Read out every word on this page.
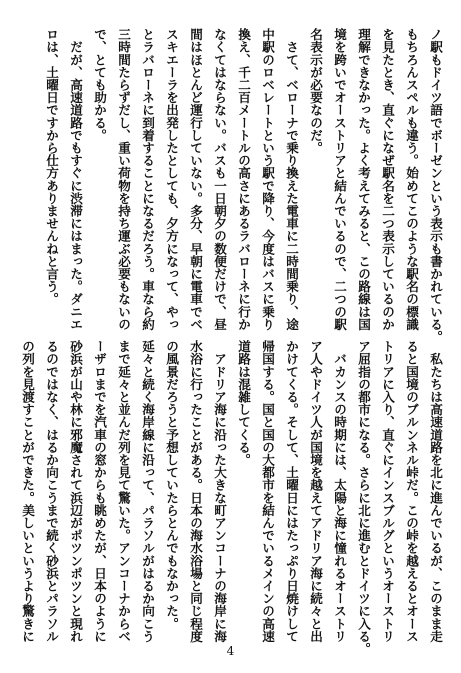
ノ駅もドイツ語でボーゼンという表示も書かれている。
もちろんスペルも違う。始めてこのような駅名の標識
を見たとき、直ぐになぜ駅名を二つ表示しているのか
理解できなかった。よく考えてみると、この路線は国
境を跨いでオーストリアと結んでいるので、二つの駅
名表示が必要なのだ。
　さて、ベローナで乗り換えた電車に二時間乗り、途
中駅のロベレートという駅で降り、今度はバスに乗り
換え、千二百メートルの高さにあるラバローネに行か
なくてはならない。バスも一日朝夕の数便だけで、昼
間はほとんど運行していない。多分、早朝に電車でベ
スキエーラを出発したとしても、夕方になって、やっ
とラバローネに到着することになるだろう。車なら約
三時間たらずだし、重い荷物を持ち運ぶ必要もないの
で、とても助かる。
　だが、高速道路でもすぐに渋滞にはまった。ダニエ
ロは、土曜日ですから仕方ありませんねと言う。
　私たちは高速道路を北に進んでいるが、このまま走
ると国境のブルンネル峠だ。この峠を越えるとオース
トリアに入り、直ぐにインスブルグというオーストリ
ア屈指の都市になる。さらに北に進むとドイツに入る。
　バカンスの時期には、太陽と海に憧れるオーストリ
ア人やドイツ人が国境を越えてアドリア海に続々と出
かけてくる。そして、土曜日にはたっぷり日焼けして
帰国する。国と国の大都市を結んでいるメインの高速
道路は混雑してくる。
　アドリア海に沿った大きな町アンコーナの海岸に海
水浴に行ったことがある。日本の海水浴場と同じ程度
の風景だろうと予想していたらとんでもなかった。
延々と続く海岸線に沿って、パラソルがはるか向こう
まで延々と並んだ列を見て驚いた。アンコーナからベ
ーザロまでを汽車の窓からも眺めたが、日本のように
砂浜が山や林に邪魔されて浜辺がポツンポツンと現れ
るのではなく、はるか向こうまで続く砂浜とパラソル
の列を見渡すことができた。美しいというより驚きに
4
